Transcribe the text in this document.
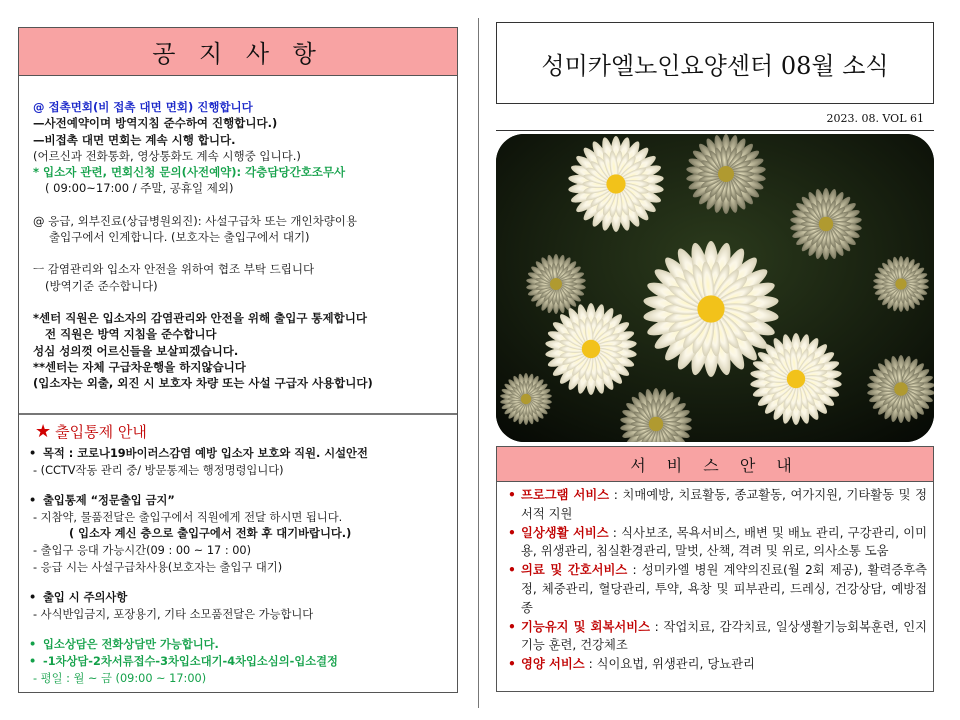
공 지 사 항
@ 접촉면회(비 접촉 대면 면회) 진행합니다
—사전예약이며 방역지침 준수하여 진행합니다.)
—비접촉 대면 면회는 계속 시행 합니다.
(어르신과 전화통화, 영상통화도 계속 시행중 입니다.)
* 입소자 관련, 면회신청 문의(사전예약): 각층담당간호조무사
( 09:00~17:00 / 주말, 공휴일 제외)
@ 응급, 외부진료(상급병원외진): 사설구급차 또는 개인차량이용
출입구에서 인계합니다. (보호자는 출입구에서 대기)
ㅡ 감염관리와 입소자 안전을 위하여 협조 부탁 드립니다
(방역기준 준수합니다)
*센터 직원은 입소자의 감염관리와 안전을 위해 출입구 통제합니다
전 직원은 방역 지침을 준수합니다
성심 성의껏 어르신들을 보살피겠습니다.
**센터는 자체 구급차운행을 하지않습니다
(입소자는 외출, 외진 시 보호자 차량 또는 사설 구급자 사용합니다)
★ 출입통제 안내
• 목적 : 코로나19바이러스감염 예방 입소자 보호와 직원. 시설안전
- (CCTV작동 관리 중/ 방문통제는 행정명령입니다)
• 출입통제 “정문출입 금지”
- 지참약, 물품전달은 출입구에서 직원에게 전달 하시면 됩니다.
( 입소자 계신 층으로 출입구에서 전화 후 대기바랍니다.)
- 출입구 응대 가능시간(09 : 00 ~ 17 : 00)
- 응급 시는 사설구급차사용(보호자는 출입구 대기)
• 출입 시 주의사항
- 사식반입금지, 포장용기, 기타 소모품전달은 가능합니다
• 입소상담은 전화상담만 가능합니다.
• -1차상담-2차서류접수-3차입소대기-4차입소심의-입소결정
- 평일 : 월 ~ 금 (09:00 ~ 17:00)
성미카엘노인요양센터 08월 소식
2023. 08. VOL 61
서 비 스 안 내
• 프로그램 서비스 : 치매예방, 치료활동, 종교활동, 여가지원, 기타활동 및 정서적 지원
• 일상생활 서비스 : 식사보조, 목욕서비스, 배변 및 배뇨 관리, 구강관리, 이미용, 위생관리, 침실환경관리, 말벗, 산책, 격려 및 위로, 의사소통 도움
• 의료 및 간호서비스 : 성미카엘 병원 계약의진료(월 2회 제공), 활력증후측정, 체중관리, 혈당관리, 투약, 욕창 및 피부관리, 드레싱, 건강상담, 예방접종
• 기능유지 및 회복서비스 : 작업치료, 감각치료, 일상생활기능회복훈련, 인지 기능 훈련, 건강체조
• 영양 서비스 : 식이요법, 위생관리, 당뇨관리
